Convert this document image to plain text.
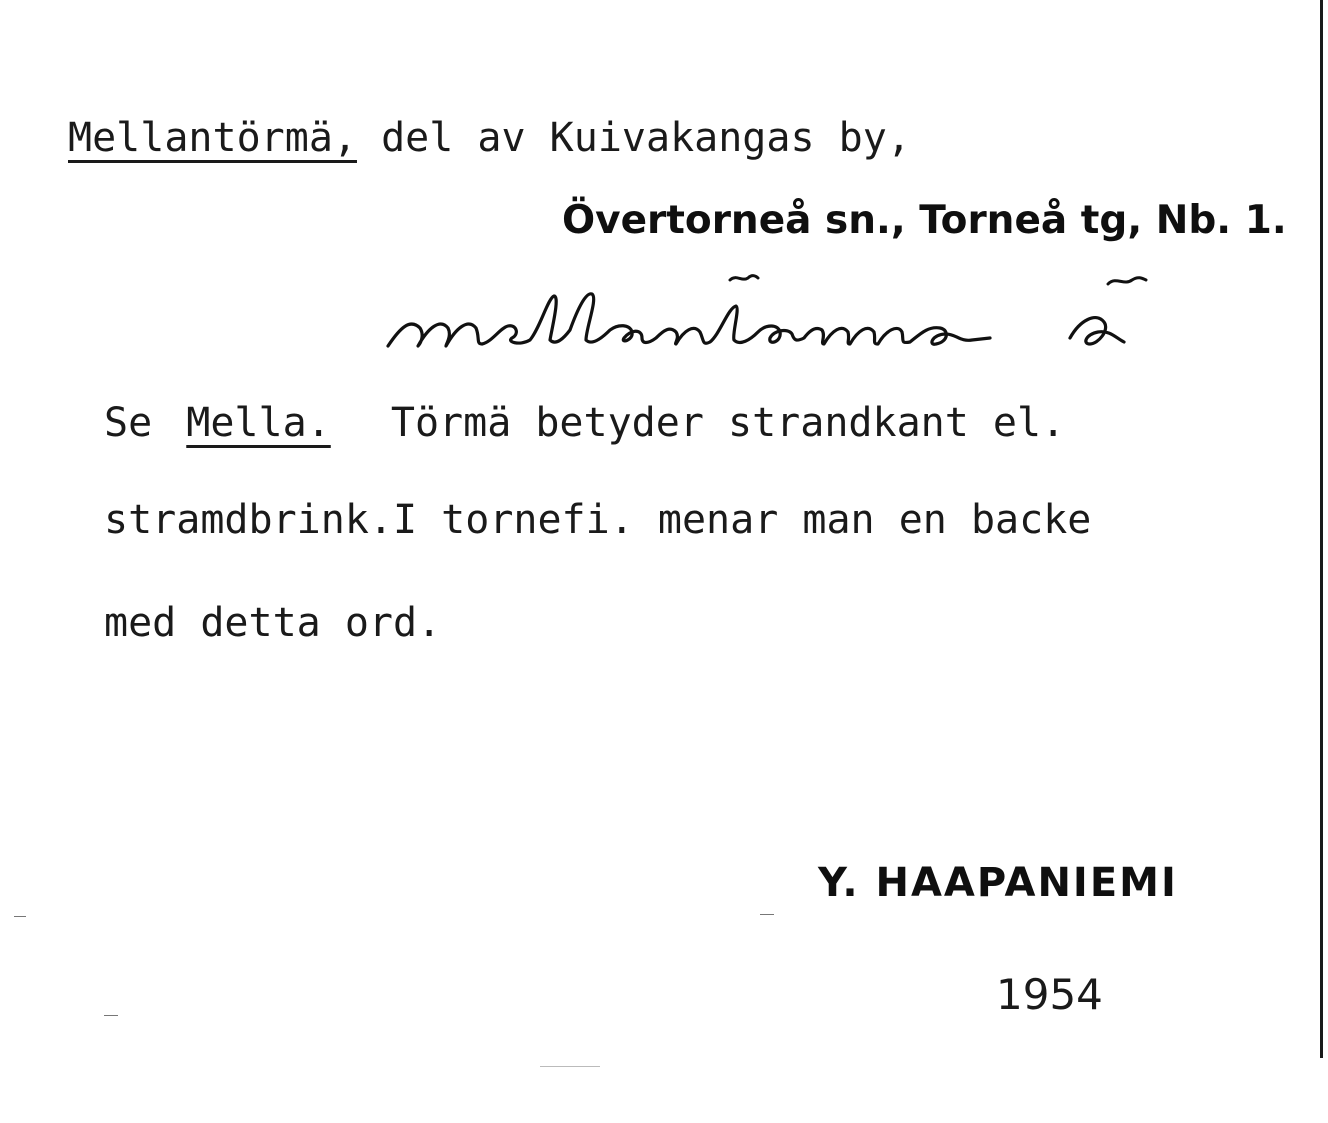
Mellantörmä, del av Kuivakangas by,
Övertorneå sn., Torneå tg, Nb. 1.
Se Mella. Törmä betyder strandkant el.
stramdbrink.I tornefi. menar man en backe
med detta ord.
Y. HAAPANIEMI
1954
